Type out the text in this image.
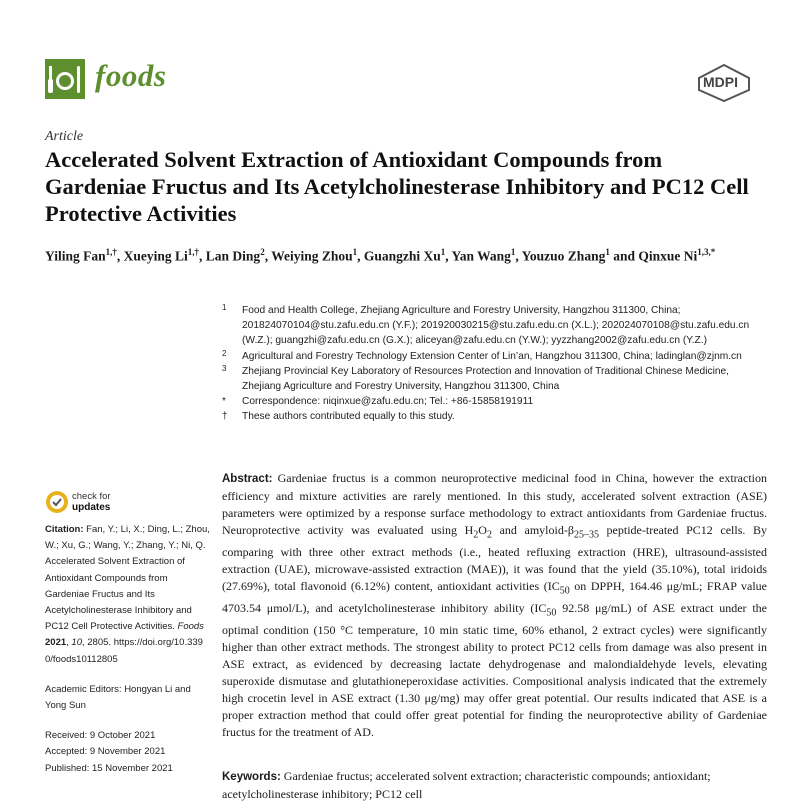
foods	MDPI
Article
Accelerated Solvent Extraction of Antioxidant Compounds from Gardeniae Fructus and Its Acetylcholinesterase Inhibitory and PC12 Cell Protective Activities
Yiling Fan$^{1,\dagger}$, Xueying $Li^{1,\dagger}$, Lan Ding$^2$, Weiying Zhou$^1$, Guangzhi Xu$^1$, Yan Wang$^1$, Youzuo Zhang$^1$ and Qinxue $Ni^{1,3,*}$
1 Food and Health College, Zhejiang Agriculture and Forestry University, Hangzhou 311300, China; 201824070104@stu.zafu.edu.cn (Y.F.); 201920030215@stu.zafu.edu.cn (X.L.); 202024070108@stu.zafu.edu.cn (W.Z.); guangzhi@zafu.edu.cn (G.X.); aliceyan@zafu.edu.cn (Y.W.); yyzzhang2002@zafu.edu.cn (Y.Z.)
2 Agricultural and Forestry Technology Extension Center of Lin’an, Hangzhou 311300, China; ladinglan@zjnm.cn
3 Zhejiang Provincial Key Laboratory of Resources Protection and Innovation of Traditional Chinese Medicine, Zhejiang Agriculture and Forestry University, Hangzhou 311300, China
* Correspondence: niqinxue@zafu.edu.cn; Tel.: +86-15858191911
† These authors contributed equally to this study.
check for
updates
Citation: Fan, Y.; Li, X.; Ding, L.; Zhou, W.; Xu, G.; Wang, Y.; Zhang, Y.; Ni, Q. Accelerated Solvent Extraction of Antioxidant Compounds from Gardeniae Fructus and Its Acetylcholinesterase Inhibitory and PC12 Cell Protective Activities. Foods 2021, 10, 2805. https://doi.org/10.3390/foods10112805
Academic Editors: Hongyan Li and Yong Sun
Received: 9 October 2021
Accepted: 9 November 2021
Published: 15 November 2021
Abstract: Gardeniae fructus is a common neuroprotective medicinal food in China, however the extraction efficiency and mixture activities are rarely mentioned. In this study, accelerated solvent extraction (ASE) parameters were optimized by a response surface methodology to extract antioxidants from Gardeniae fructus. Neuroprotective activity was evaluated using $H_2O_2$ and amyloid-$\beta_{25-35}$ peptide-treated PC12 cells. By comparing with three other extract methods (i.e., heated refluxing extraction (HRE), ultrasound-assisted extraction (UAE), microwave-assisted extraction (MAE)), it was found that the yield (35.10%), total iridoids (27.69%), total flavonoid (6.12%) content, antioxidant activities ($IC_{50}$ on DPPH, 164.46 μg/mL; FRAP value 4703.54 μmol/L), and acetylcholinesterase inhibitory ability ($IC_{50}$ 92.58 μg/mL) of ASE extract under the optimal condition (150 °C temperature, 10 min static time, 60% ethanol, 2 extract cycles) were significantly higher than other extract methods. The strongest ability to protect PC12 cells from damage was also present in ASE extract, as evidenced by decreasing lactate dehydrogenase and malondialdehyde levels, elevating superoxide dismutase and glutathioneperoxidase activities. Compositional analysis indicated that the extremely high crocetin level in ASE extract (1.30 μg/mg) may offer great potential. Our results indicated that ASE is a proper extraction method that could offer great potential for finding the neuroprotective ability of Gardeniae fructus for the treatment of AD.
Keywords: Gardeniae fructus; accelerated solvent extraction; characteristic compounds; antioxidant; acetylcholinesterase inhibitory; PC12 cell
